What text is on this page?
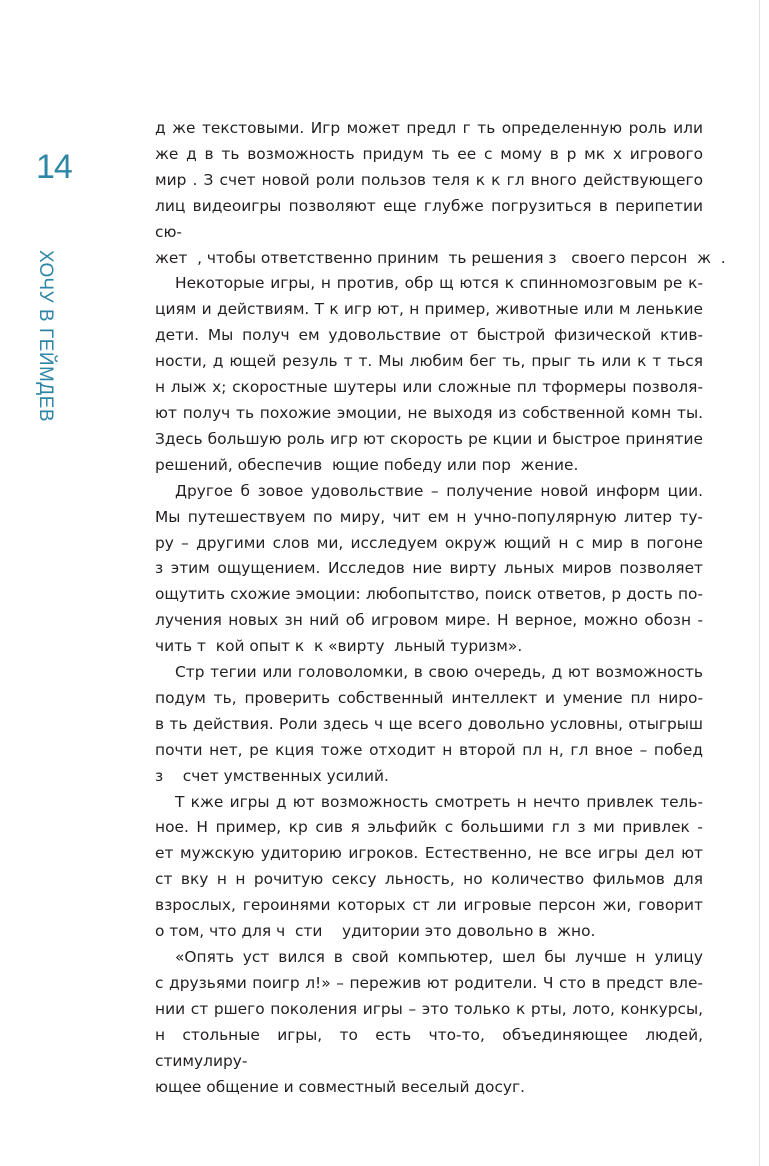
14
ХОЧУ В ГЕЙМДЕВ
д же текстовыми. Игр может предл г ть определенную роль или
же д в ть возможность придум ть ее с мому в р мк х игрового
мир . З счет новой роли пользов теля к к гл вного действующего
лиц видеоигры позволяют еще глубже погрузиться в перипетии сю-
жет  , чтобы ответственно приним  ть решения з   своего персон  ж  .
Некоторые игры, н против, обр щ ются к спинномозговым ре к-
циям и действиям. Т к игр ют, н пример, животные или м ленькие
дети. Мы получ ем удовольствие от быстрой физической ктив-
ности, д ющей резуль т т. Мы любим бег ть, прыг ть или к т ться
н лыж х; скоростные шутеры или сложные пл тформеры позволя-
ют получ ть похожие эмоции, не выходя из собственной комн ты.
Здесь большую роль игр ют скорость ре кции и быстрое принятие
решений, обеспечив  ющие победу или пор  жение.
Другое б зовое удовольствие – получение новой информ ции.
Мы путешествуем по миру, чит ем н учно-популярную литер ту-
ру – другими слов ми, исследуем окруж ющий н с мир в погоне
з этим ощущением. Исследов ние вирту льных миров позволяет
ощутить схожие эмоции: любопытство, поиск ответов, р дость по-
лучения новых зн ний об игровом мире. Н верное, можно обозн -
чить т  кой опыт к  к «вирту  льный туризм».
Стр тегии или головоломки, в свою очередь, д ют возможность
подум ть, проверить собственный интеллект и умение пл ниро-
в ть действия. Роли здесь ч ще всего довольно условны, отыгрыш
почти нет, ре кция тоже отходит н второй пл н, гл вное – побед
з    счет умственных усилий.
Т кже игры д ют возможность смотреть н нечто привлек тель-
ное. Н пример, кр сив я эльфийк с большими гл з ми привлек -
ет мужскую удиторию игроков. Естественно, не все игры дел ют
ст вку н н рочитую сексу льность, но количество фильмов для
взрослых, героинями которых ст ли игровые персон жи, говорит
о том, что для ч  сти    удитории это довольно в  жно.
«Опять уст вился в свой компьютер, шел бы лучше н улицу
с друзьями поигр л!» – пережив ют родители. Ч сто в предст вле-
нии ст ршего поколения игры – это только к рты, лото, конкурсы,
н стольные игры, то есть что-то, объединяющее людей, стимулиру-
ющее общение и совместный веселый досуг.
